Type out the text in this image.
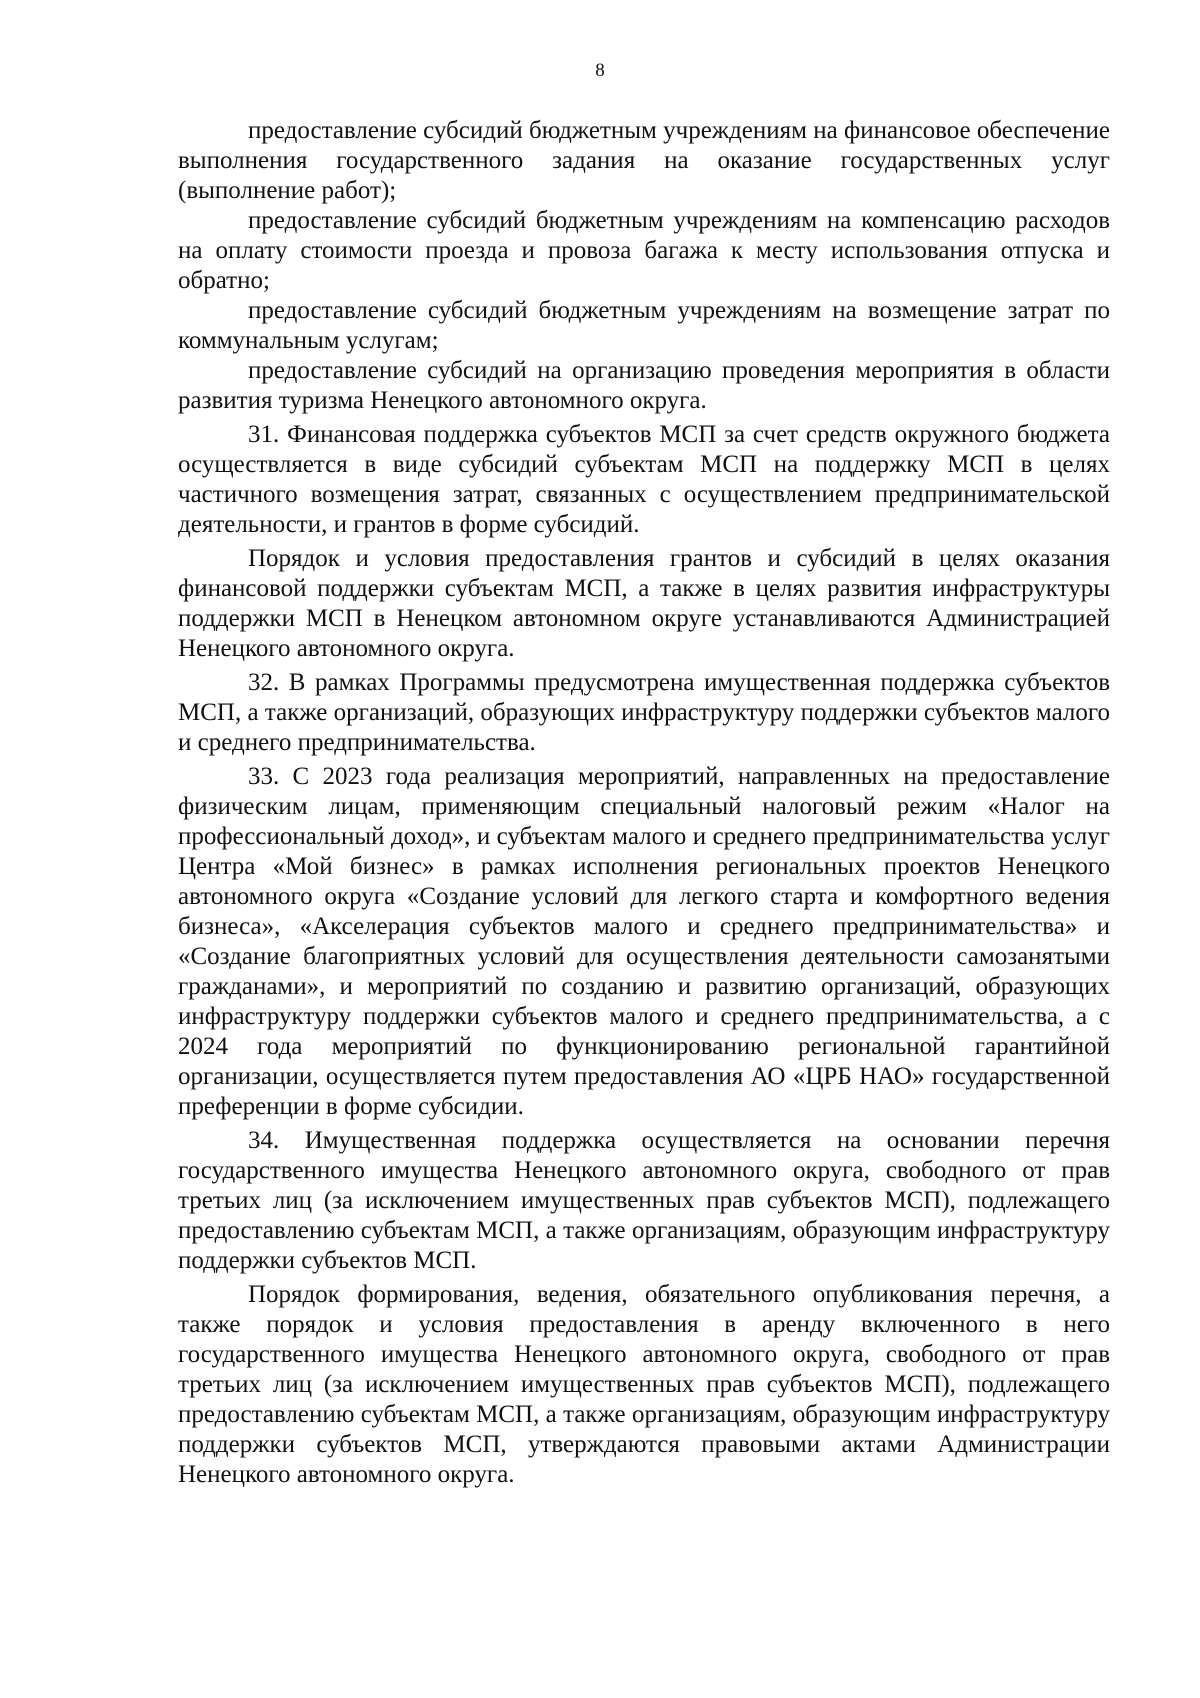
8

предоставление субсидий бюджетным учреждениям на финансовое обеспечение выполнения государственного задания на оказание государственных услуг (выполнение работ);

предоставление субсидий бюджетным учреждениям на компенсацию расходов на оплату стоимости проезда и провоза багажа к месту использования отпуска и обратно;

предоставление субсидий бюджетным учреждениям на возмещение затрат по коммунальным услугам;

предоставление субсидий на организацию проведения мероприятия в области развития туризма Ненецкого автономного округа.

31. Финансовая поддержка субъектов МСП за счет средств окружного бюджета осуществляется в виде субсидий субъектам МСП на поддержку МСП в целях частичного возмещения затрат, связанных с осуществлением предпринимательской деятельности, и грантов в форме субсидий.

Порядок и условия предоставления грантов и субсидий в целях оказания финансовой поддержки субъектам МСП, а также в целях развития инфраструктуры поддержки МСП в Ненецком автономном округе устанавливаются Администрацией Ненецкого автономного округа.

32. В рамках Программы предусмотрена имущественная поддержка субъектов МСП, а также организаций, образующих инфраструктуру поддержки субъектов малого и среднего предпринимательства.

33. С 2023 года реализация мероприятий, направленных на предоставление физическим лицам, применяющим специальный налоговый режим «Налог на профессиональный доход», и субъектам малого и среднего предпринимательства услуг Центра «Мой бизнес» в рамках исполнения региональных проектов Ненецкого автономного округа «Создание условий для легкого старта и комфортного ведения бизнеса», «Акселерация субъектов малого и среднего предпринимательства» и «Создание благоприятных условий для осуществления деятельности самозанятыми гражданами», и мероприятий по созданию и развитию организаций, образующих инфраструктуру поддержки субъектов малого и среднего предпринимательства, а с 2024 года мероприятий по функционированию региональной гарантийной организации, осуществляется путем предоставления АО «ЦРБ НАО» государственной преференции в форме субсидии.

34. Имущественная поддержка осуществляется на основании перечня государственного имущества Ненецкого автономного округа, свободного от прав третьих лиц (за исключением имущественных прав субъектов МСП), подлежащего предоставлению субъектам МСП, а также организациям, образующим инфраструктуру поддержки субъектов МСП.

Порядок формирования, ведения, обязательного опубликования перечня, а также порядок и условия предоставления в аренду включенного в него государственного имущества Ненецкого автономного округа, свободного от прав третьих лиц (за исключением имущественных прав субъектов МСП), подлежащего предоставлению субъектам МСП, а также организациям, образующим инфраструктуру поддержки субъектов МСП, утверждаются правовыми актами Администрации Ненецкого автономного округа.
